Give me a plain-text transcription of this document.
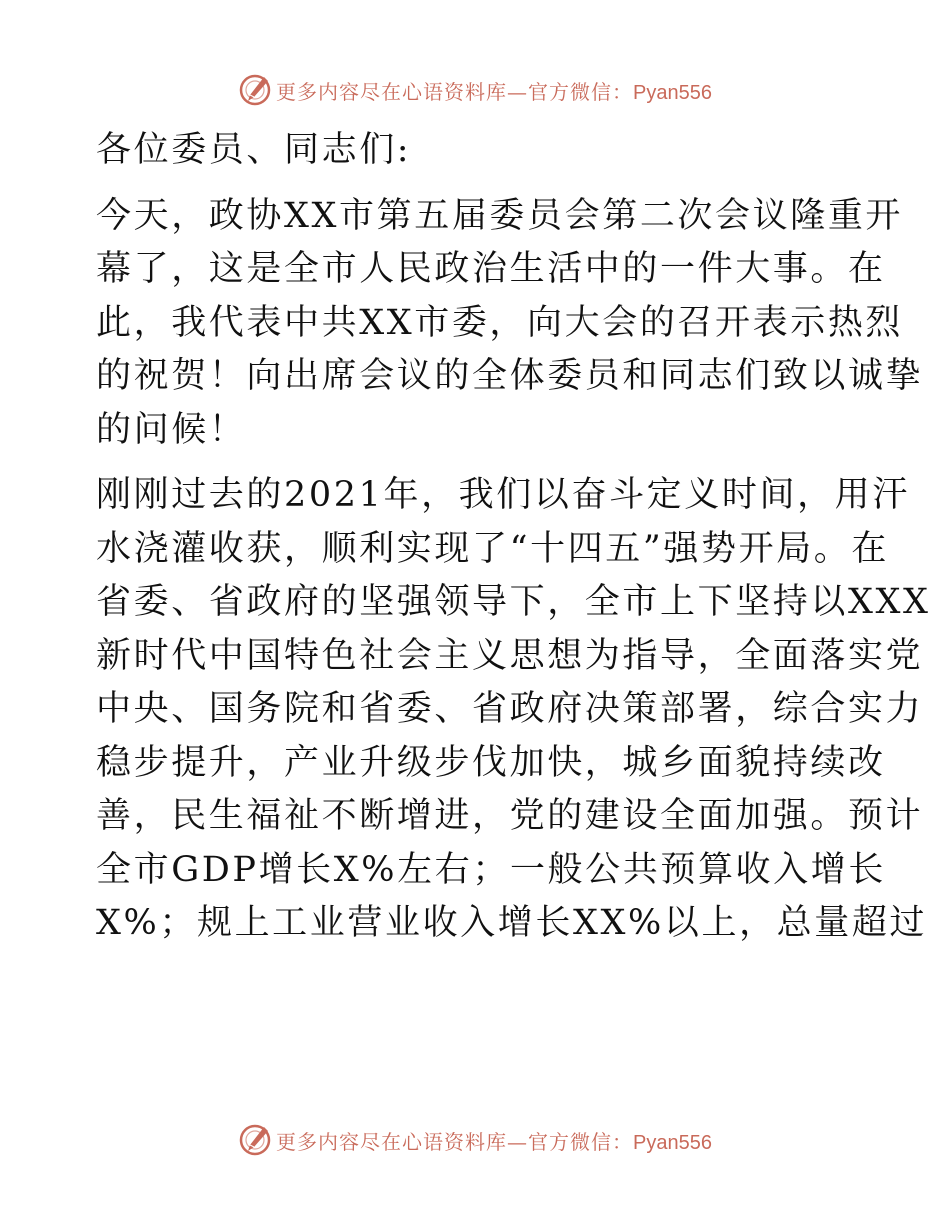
更多内容尽在心语资料库—官方微信：Pyan556

各位委员、同志们:

今天，政协XX市第五届委员会第二次会议隆重开
幕了，这是全市人民政治生活中的一件大事。在
此，我代表中共XX市委，向大会的召开表示热烈
的祝贺！向出席会议的全体委员和同志们致以诚挚
的问候！

刚刚过去的2021年，我们以奋斗定义时间，用汗
水浇灌收获，顺利实现了“十四五”强势开局。在
省委、省政府的坚强领导下，全市上下坚持以XXX
新时代中国特色社会主义思想为指导，全面落实党
中央、国务院和省委、省政府决策部署，综合实力
稳步提升，产业升级步伐加快，城乡面貌持续改
善，民生福祉不断增进，党的建设全面加强。预计
全市GDP增长X%左右；一般公共预算收入增长
X%；规上工业营业收入增长XX%以上，总量超过

更多内容尽在心语资料库—官方微信：Pyan556
